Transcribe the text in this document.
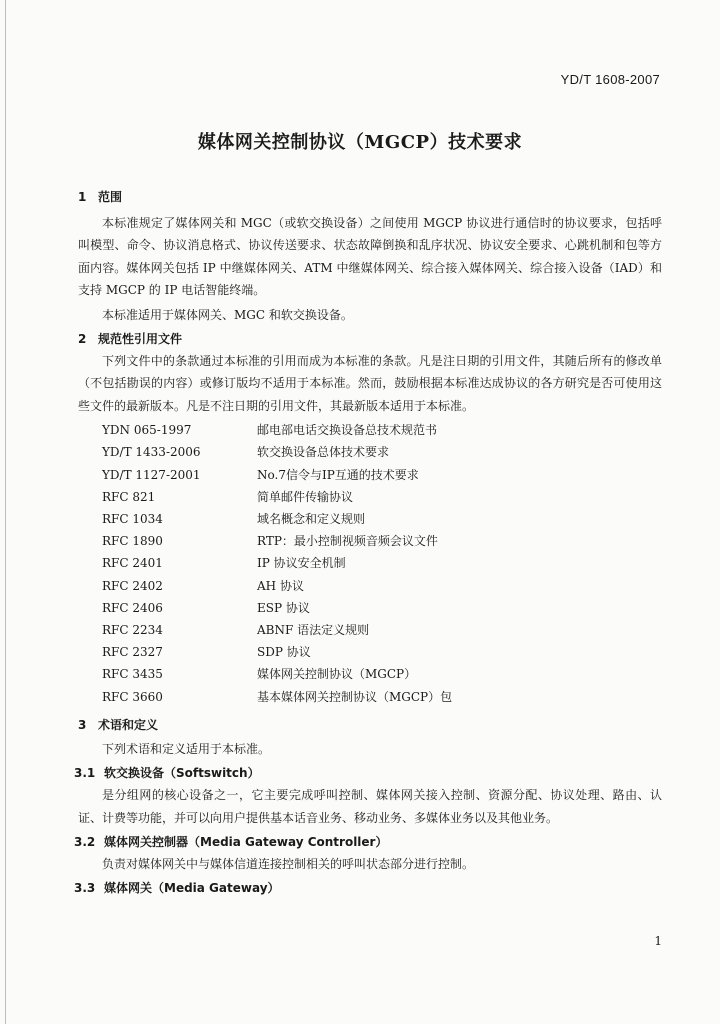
YD/T 1608-2007
媒体网关控制协议（MGCP）技术要求
1 范围

本标准规定了媒体网关和 MGC（或软交换设备）之间使用 MGCP 协议进行通信时的协议要求，包括呼叫模型、命令、协议消息格式、协议传送要求、状态故障倒换和乱序状况、协议安全要求、心跳机制和包等方面内容。媒体网关包括 IP 中继媒体网关、ATM 中继媒体网关、综合接入媒体网关、综合接入设备（IAD）和支持 MGCP 的 IP 电话智能终端。

本标准适用于媒体网关、MGC 和软交换设备。

2 规范性引用文件

下列文件中的条款通过本标准的引用而成为本标准的条款。凡是注日期的引用文件，其随后所有的修改单（不包括勘误的内容）或修订版均不适用于本标准。然而，鼓励根据本标准达成协议的各方研究是否可使用这些文件的最新版本。凡是不注日期的引用文件，其最新版本适用于本标准。

YDN 065-1997	邮电部电话交换设备总技术规范书
YD/T 1433-2006	软交换设备总体技术要求
YD/T 1127-2001	No.7信令与IP互通的技术要求
RFC 821	简单邮件传输协议
RFC 1034	域名概念和定义规则
RFC 1890	RTP：最小控制视频音频会议文件
RFC 2401	IP 协议安全机制
RFC 2402	AH 协议
RFC 2406	ESP 协议
RFC 2234	ABNF 语法定义规则
RFC 2327	SDP 协议
RFC 3435	媒体网关控制协议（MGCP）
RFC 3660	基本媒体网关控制协议（MGCP）包
3 术语和定义

下列术语和定义适用于本标准。

3.1 软交换设备（Softswitch）

是分组网的核心设备之一，它主要完成呼叫控制、媒体网关接入控制、资源分配、协议处理、路由、认证、计费等功能，并可以向用户提供基本话音业务、移动业务、多媒体业务以及其他业务。

3.2 媒体网关控制器（Media Gateway Controller）

负责对媒体网关中与媒体信道连接控制相关的呼叫状态部分进行控制。

3.3 媒体网关（Media Gateway）
1
